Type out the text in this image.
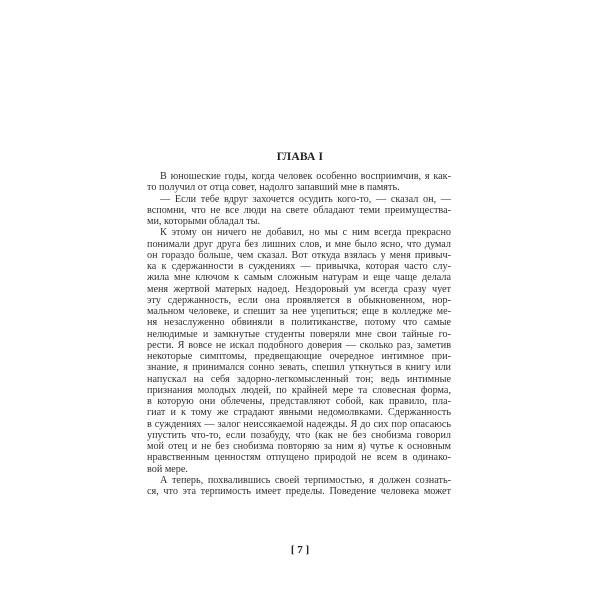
ГЛАВА I
В юношеские годы, когда человек особенно восприимчив, я как-
то получил от отца совет, надолго запавший мне в память.
— Если тебе вдруг захочется осудить кого-то, — сказал он, —
вспомни, что не все люди на свете обладают теми преимущества-
ми, которыми обладал ты.
К этому он ничего не добавил, но мы с ним всегда прекрасно
понимали друг друга без лишних слов, и мне было ясно, что думал
он гораздо больше, чем сказал. Вот откуда взялась у меня привыч-
ка к сдержанности в суждениях — привычка, которая часто слу-
жила мне ключом к самым сложным натурам и еще чаще делала
меня жертвой матерых надоед. Нездоровый ум всегда сразу чует
эту сдержанность, если она проявляется в обыкновенном, нор-
мальном человеке, и спешит за нее уцепиться; еще в колледже ме-
ня незаслуженно обвиняли в политиканстве, потому что самые
нелюдимые и замкнутые студенты поверяли мне свои тайные го-
рести. Я вовсе не искал подобного доверия — сколько раз, заметив
некоторые симптомы, предвещающие очередное интимное при-
знание, я принимался сонно зевать, спешил уткнуться в книгу или
напускал на себя задорно-легкомысленный тон; ведь интимные
признания молодых людей, по крайней мере та словесная форма,
в которую они облечены, представляют собой, как правило, пла-
гиат и к тому же страдают явными недомолвками. Сдержанность
в суждениях — залог неиссякаемой надежды. Я до сих пор опасаюсь
упустить что-то, если позабуду, что (как не без снобизма говорил
мой отец и не без снобизма повторяю за ним я) чутье к основным
нравственным ценностям отпущено природой не всем в одинако-
вой мере.
А теперь, похвалившись своей терпимостью, я должен сознать-
ся, что эта терпимость имеет пределы. Поведение человека может
[ 7 ]
